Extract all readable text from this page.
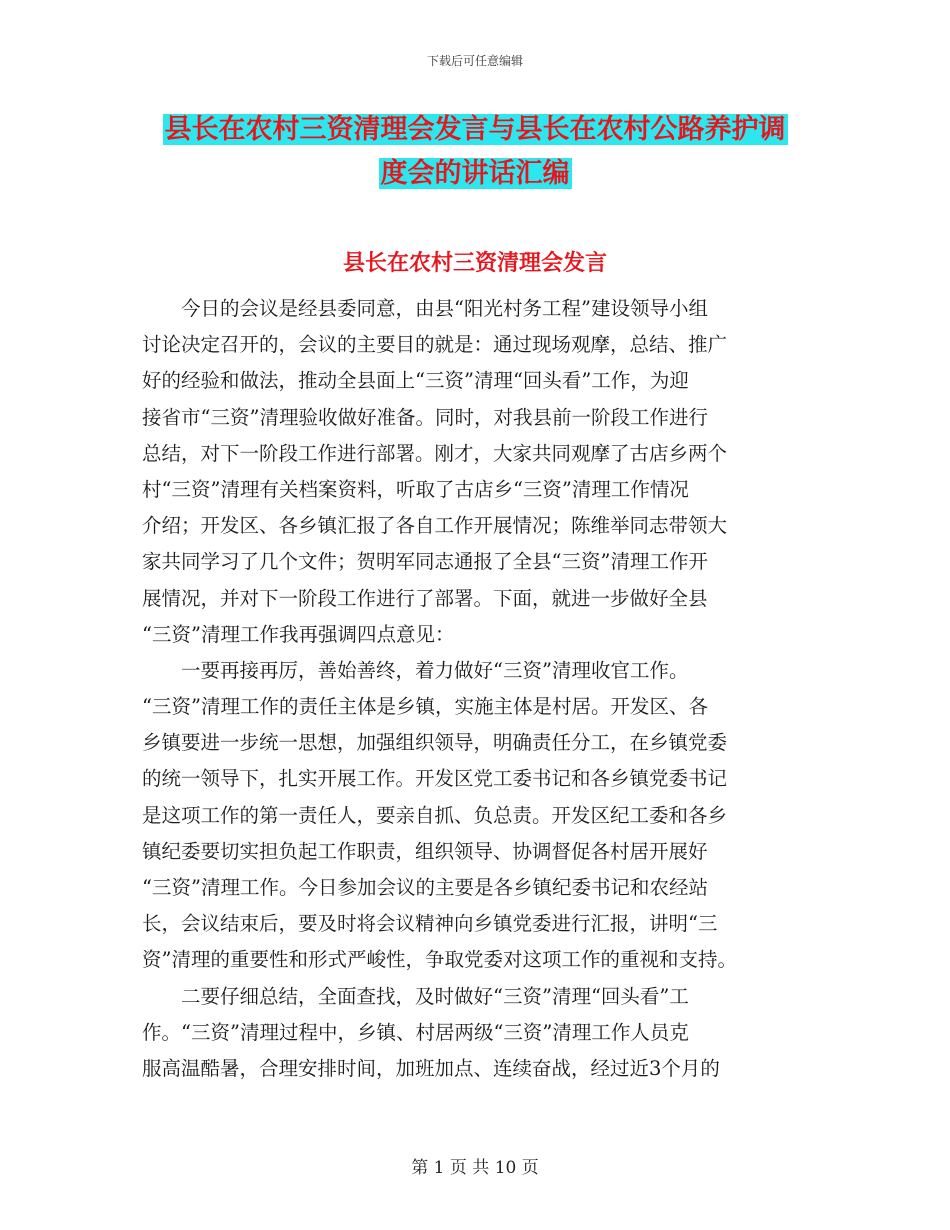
下载后可任意编辑
县长在农村三资清理会发言与县长在农村公路养护调
度会的讲话汇编
县长在农村三资清理会发言
　　今日的会议是经县委同意，由县“阳光村务工程”建设领导小组
讨论决定召开的，会议的主要目的就是：通过现场观摩，总结、推广
好的经验和做法，推动全县面上“三资”清理“回头看”工作，为迎
接省市“三资”清理验收做好准备。同时，对我县前一阶段工作进行
总结，对下一阶段工作进行部署。刚才，大家共同观摩了古店乡两个
村“三资”清理有关档案资料，听取了古店乡“三资”清理工作情况
介绍；开发区、各乡镇汇报了各自工作开展情况；陈维举同志带领大
家共同学习了几个文件；贺明军同志通报了全县“三资”清理工作开
展情况，并对下一阶段工作进行了部署。下面，就进一步做好全县
“三资”清理工作我再强调四点意见：
　　一要再接再厉，善始善终，着力做好“三资”清理收官工作。
“三资”清理工作的责任主体是乡镇，实施主体是村居。开发区、各
乡镇要进一步统一思想，加强组织领导，明确责任分工，在乡镇党委
的统一领导下，扎实开展工作。开发区党工委书记和各乡镇党委书记
是这项工作的第一责任人，要亲自抓、负总责。开发区纪工委和各乡
镇纪委要切实担负起工作职责，组织领导、协调督促各村居开展好
“三资”清理工作。今日参加会议的主要是各乡镇纪委书记和农经站
长，会议结束后，要及时将会议精神向乡镇党委进行汇报，讲明“三
资”清理的重要性和形式严峻性，争取党委对这项工作的重视和支持。
　　二要仔细总结，全面查找，及时做好“三资”清理“回头看”工
作。“三资”清理过程中，乡镇、村居两级“三资”清理工作人员克
服高温酷暑，合理安排时间，加班加点、连续奋战，经过近3个月的
第 1 页 共 10 页
